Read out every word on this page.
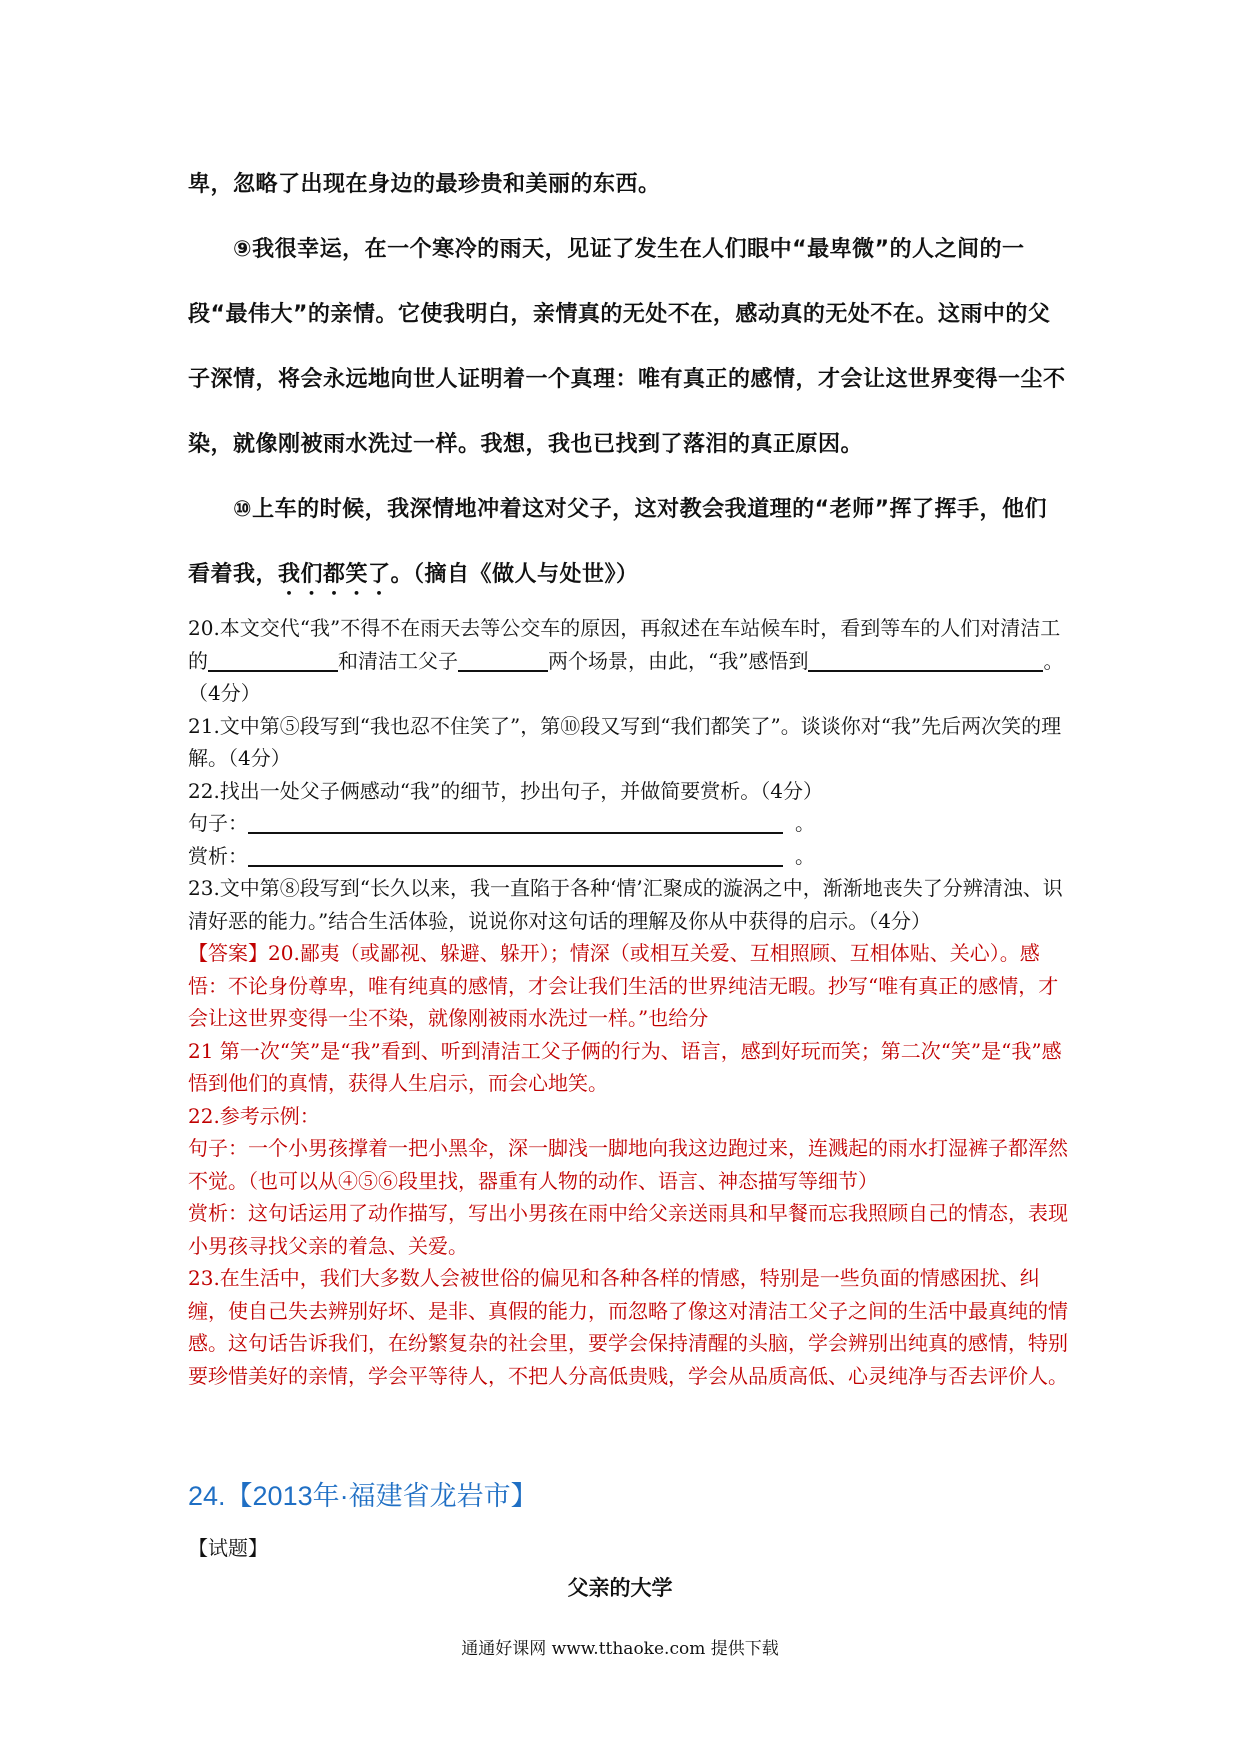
卑，忽略了出现在身边的最珍贵和美丽的东西。

⑨我很幸运，在一个寒冷的雨天，见证了发生在人们眼中“最卑微”的人之间的一段“最伟大”的亲情。它使我明白，亲情真的无处不在，感动真的无处不在。这雨中的父子深情，将会永远地向世人证明着一个真理：唯有真正的感情，才会让这世界变得一尘不染，就像刚被雨水洗过一样。我想，我也已找到了落泪的真正原因。

⑩上车的时候，我深情地冲着这对父子，这对教会我道理的“老师”挥了挥手，他们看着我，我们都笑了。（摘自《做人与处世》）

20.本文交代“我”不得不在雨天去等公交车的原因，再叙述在车站候车时，看到等车的人们对清洁工的	和清洁工父子	两个场景，由此，“我”感悟到	。（4分）

21.文中第⑤段写到“我也忍不住笑了”，第⑩段又写到“我们都笑了”。谈谈你对“我”先后两次笑的理解。（4分）

22.找出一处父子俩感动“我”的细节，抄出句子，并做简要赏析。（4分）

句子：	。

赏析：	。

23.文中第⑧段写到“长久以来，我一直陷于各种‘情’汇聚成的漩涡之中，渐渐地丧失了分辨清浊、识清好恶的能力。”结合生活体验，说说你对这句话的理解及你从中获得的启示。（4分）

【答案】20.鄙夷（或鄙视、躲避、躲开）；情深（或相互关爱、互相照顾、互相体贴、关心）。感悟：不论身份尊卑，唯有纯真的感情，才会让我们生活的世界纯洁无暇。抄写“唯有真正的感情，才会让这世界变得一尘不染，就像刚被雨水洗过一样。”也给分

21 第一次“笑”是“我”看到、听到清洁工父子俩的行为、语言，感到好玩而笑；第二次“笑”是“我”感悟到他们的真情，获得人生启示，而会心地笑。

22.参考示例：

句子：一个小男孩撑着一把小黑伞，深一脚浅一脚地向我这边跑过来，连溅起的雨水打湿裤子都浑然不觉。（也可以从④⑤⑥段里找，器重有人物的动作、语言、神态描写等细节）

赏析：这句话运用了动作描写，写出小男孩在雨中给父亲送雨具和早餐而忘我照顾自己的情态，表现小男孩寻找父亲的着急、关爱。

23.在生活中，我们大多数人会被世俗的偏见和各种各样的情感，特别是一些负面的情感困扰、纠缠，使自己失去辨别好坏、是非、真假的能力，而忽略了像这对清洁工父子之间的生活中最真纯的情感。这句话告诉我们，在纷繁复杂的社会里，要学会保持清醒的头脑，学会辨别出纯真的感情，特别要珍惜美好的亲情，学会平等待人，不把人分高低贵贱，学会从品质高低、心灵纯净与否去评价人。

24.【2013年·福建省龙岩市】

【试题】

父亲的大学

通通好课网 www.tthaoke.com 提供下载
